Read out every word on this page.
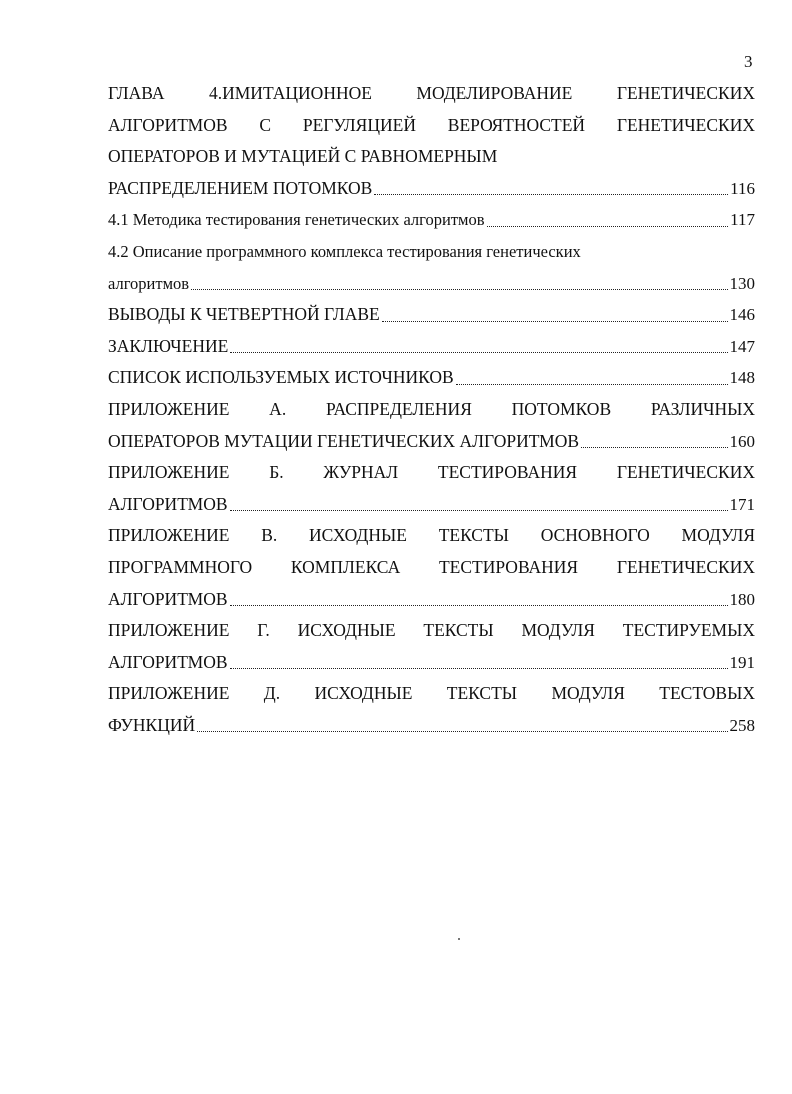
3
ГЛАВА 4.ИМИТАЦИОННОЕ МОДЕЛИРОВАНИЕ ГЕНЕТИЧЕСКИХ
АЛГОРИТМОВ С РЕГУЛЯЦИЕЙ ВЕРОЯТНОСТЕЙ ГЕНЕТИЧЕСКИХ
ОПЕРАТОРОВ И МУТАЦИЕЙ С РАВНОМЕРНЫМ
РАСПРЕДЕЛЕНИЕМ ПОТОМКОВ	116
4.1 Методика тестирования генетических алгоритмов	117
4.2 Описание программного комплекса тестирования генетических
алгоритмов	130
ВЫВОДЫ К ЧЕТВЕРТНОЙ ГЛАВЕ	146
ЗАКЛЮЧЕНИЕ	147
СПИСОК ИСПОЛЬЗУЕМЫХ ИСТОЧНИКОВ	148
ПРИЛОЖЕНИЕ А. РАСПРЕДЕЛЕНИЯ ПОТОМКОВ РАЗЛИЧНЫХ
ОПЕРАТОРОВ МУТАЦИИ ГЕНЕТИЧЕСКИХ АЛГОРИТМОВ	160
ПРИЛОЖЕНИЕ Б. ЖУРНАЛ ТЕСТИРОВАНИЯ ГЕНЕТИЧЕСКИХ
АЛГОРИТМОВ	171
ПРИЛОЖЕНИЕ В. ИСХОДНЫЕ ТЕКСТЫ ОСНОВНОГО МОДУЛЯ
ПРОГРАММНОГО КОМПЛЕКСА ТЕСТИРОВАНИЯ ГЕНЕТИЧЕСКИХ
АЛГОРИТМОВ	180
ПРИЛОЖЕНИЕ Г. ИСХОДНЫЕ ТЕКСТЫ МОДУЛЯ ТЕСТИРУЕМЫХ
АЛГОРИТМОВ	191
ПРИЛОЖЕНИЕ Д. ИСХОДНЫЕ ТЕКСТЫ МОДУЛЯ ТЕСТОВЫХ
ФУНКЦИЙ	258
